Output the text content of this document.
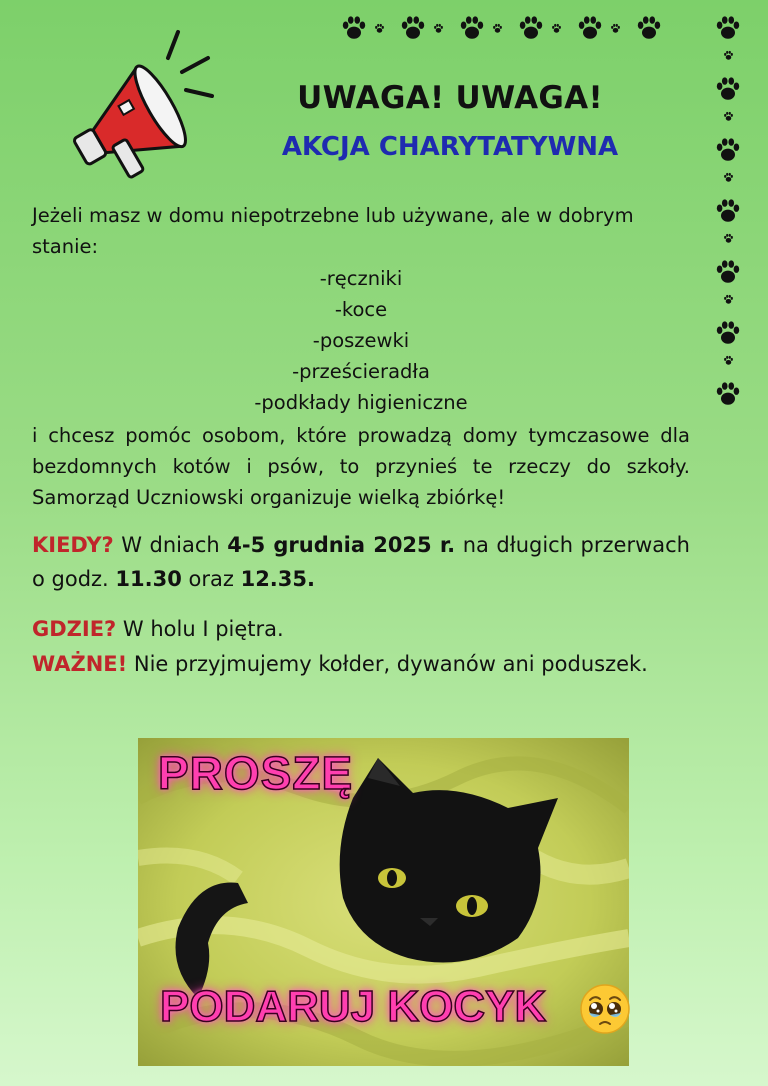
UWAGA! UWAGA!
AKCJA CHARYTATYWNA
Jeżeli masz w domu niepotrzebne lub używane, ale w dobrym stanie:
-ręczniki
-koce
-poszewki
-prześcieradła
-podkłady higieniczne
i chcesz pomóc osobom, które prowadzą domy tymczasowe dla bezdomnych kotów i psów, to przynieś te rzeczy do szkoły. Samorząd Uczniowski organizuje wielką zbiórkę!
KIEDY? W dniach 4-5 grudnia 2025 r. na długich przerwach o godz. 11.30 oraz 12.35.
GDZIE? W holu I piętra.
WAŻNE! Nie przyjmujemy kołder, dywanów ani poduszek.
PROSZĘ
PODARUJ KOCYK
